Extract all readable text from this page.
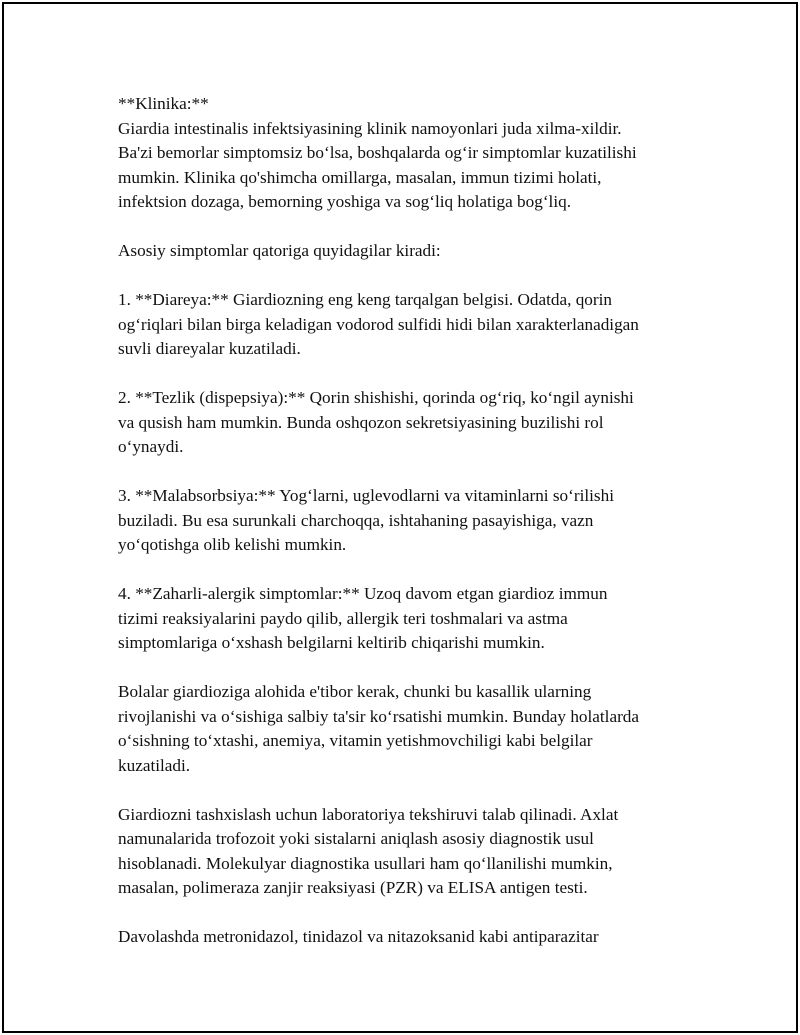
**Klinika:**
Giardia intestinalis infektsiyasining klinik namoyonlari juda xilma-xildir.
Ba'zi bemorlar simptomsiz bo‘lsa, boshqalarda og‘ir simptomlar kuzatilishi
mumkin. Klinika qo'shimcha omillarga, masalan, immun tizimi holati,
infektsion dozaga, bemorning yoshiga va sog‘liq holatiga bog‘liq.

Asosiy simptomlar qatoriga quyidagilar kiradi:

1. **Diareya:** Giardiozning eng keng tarqalgan belgisi. Odatda, qorin
og‘riqlari bilan birga keladigan vodorod sulfidi hidi bilan xarakterlanadigan
suvli diareyalar kuzatiladi.

2. **Tezlik (dispepsiya):** Qorin shishishi, qorinda og‘riq, ko‘ngil aynishi
va qusish ham mumkin. Bunda oshqozon sekretsiyasining buzilishi rol
o‘ynaydi.

3. **Malabsorbsiya:** Yog‘larni, uglevodlarni va vitaminlarni so‘rilishi
buziladi. Bu esa surunkali charchoqqa, ishtahaning pasayishiga, vazn
yo‘qotishga olib kelishi mumkin.

4. **Zaharli-alergik simptomlar:** Uzoq davom etgan giardioz immun
tizimi reaksiyalarini paydo qilib, allergik teri toshmalari va astma
simptomlariga o‘xshash belgilarni keltirib chiqarishi mumkin.

Bolalar giardioziga alohida e'tibor kerak, chunki bu kasallik ularning
rivojlanishi va o‘sishiga salbiy ta'sir ko‘rsatishi mumkin. Bunday holatlarda
o‘sishning to‘xtashi, anemiya, vitamin yetishmovchiligi kabi belgilar
kuzatiladi.

Giardiozni tashxislash uchun laboratoriya tekshiruvi talab qilinadi. Axlat
namunalarida trofozoit yoki sistalarni aniqlash asosiy diagnostik usul
hisoblanadi. Molekulyar diagnostika usullari ham qo‘llanilishi mumkin,
masalan, polimeraza zanjir reaksiyasi (PZR) va ELISA antigen testi.

Davolashda metronidazol, tinidazol va nitazoksanid kabi antiparazitar
